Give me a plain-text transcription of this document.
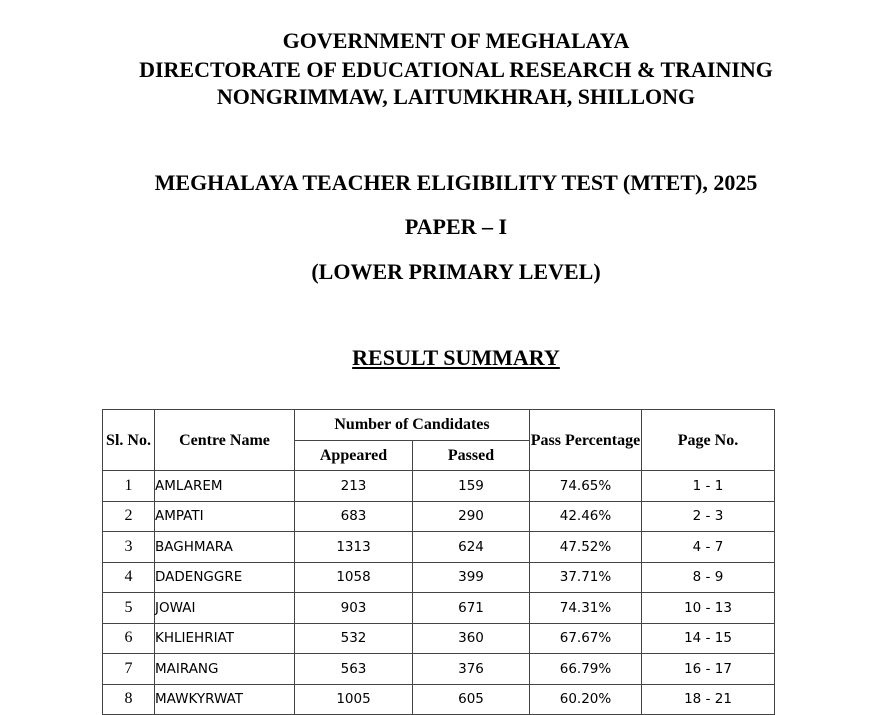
GOVERNMENT OF MEGHALAYA
DIRECTORATE OF EDUCATIONAL RESEARCH & TRAINING
NONGRIMMAW, LAITUMKHRAH, SHILLONG
MEGHALAYA TEACHER ELIGIBILITY TEST (MTET), 2025
PAPER – I
(LOWER PRIMARY LEVEL)
RESULT SUMMARY
Sl. No.	Centre Name	Number of Candidates		Pass Percentage	Page No.
		Appeared	Passed		
1	AMLAREM	213	159	74.65%	1 - 1
2	AMPATI	683	290	42.46%	2 - 3
3	BAGHMARA	1313	624	47.52%	4 - 7
4	DADENGGRE	1058	399	37.71%	8 - 9
5	JOWAI	903	671	74.31%	10 - 13
6	KHLIEHRIAT	532	360	67.67%	14 - 15
7	MAIRANG	563	376	66.79%	16 - 17
8	MAWKYRWAT	1005	605	60.20%	18 - 21
